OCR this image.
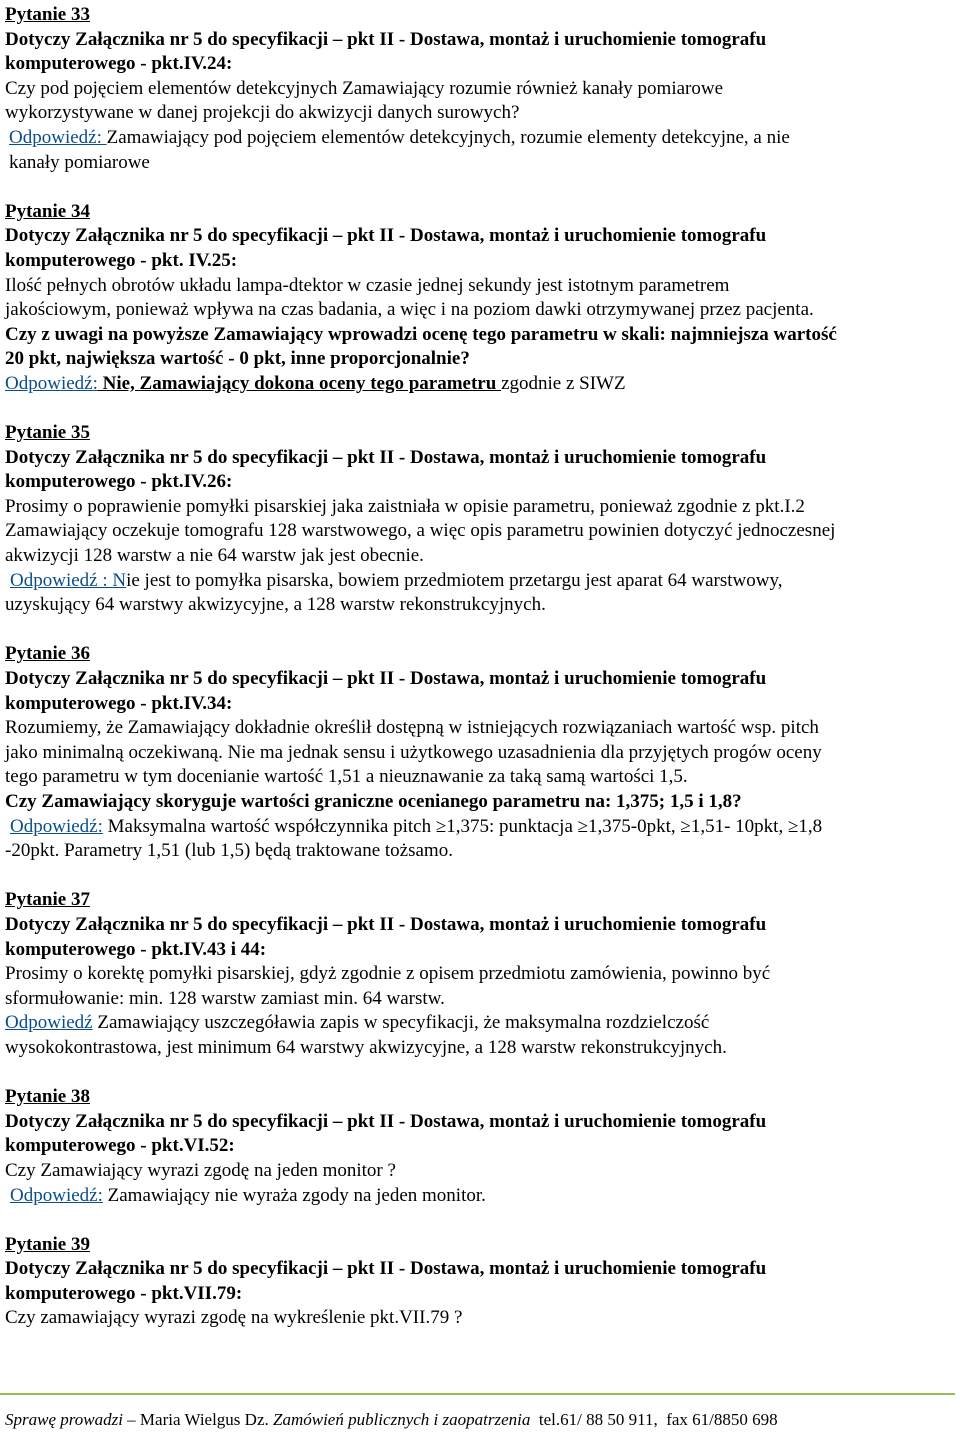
Pytanie 33
Dotyczy Załącznika nr 5 do specyfikacji – pkt II - Dostawa, montaż i uruchomienie tomografu
komputerowego - pkt.IV.24:
Czy pod pojęciem elementów detekcyjnych Zamawiający rozumie również kanały pomiarowe
wykorzystywane w danej projekcji do akwizycji danych surowych?
Odpowiedź: Zamawiający pod pojęciem elementów detekcyjnych, rozumie elementy detekcyjne, a nie
kanały pomiarowe
Pytanie 34
Dotyczy Załącznika nr 5 do specyfikacji – pkt II - Dostawa, montaż i uruchomienie tomografu
komputerowego - pkt. IV.25:
Ilość pełnych obrotów układu lampa-dtektor w czasie jednej sekundy jest istotnym parametrem
jakościowym, ponieważ wpływa na czas badania, a więc i na poziom dawki otrzymywanej przez pacjenta.
Czy z uwagi na powyższe Zamawiający wprowadzi ocenę tego parametru w skali: najmniejsza wartość
20 pkt, największa wartość - 0 pkt, inne proporcjonalnie?
Odpowiedź: Nie, Zamawiający dokona oceny tego parametru zgodnie z SIWZ
Pytanie 35
Dotyczy Załącznika nr 5 do specyfikacji – pkt II - Dostawa, montaż i uruchomienie tomografu
komputerowego - pkt.IV.26:
Prosimy o poprawienie pomyłki pisarskiej jaka zaistniała w opisie parametru, ponieważ zgodnie z pkt.I.2
Zamawiający oczekuje tomografu 128 warstwowego, a więc opis parametru powinien dotyczyć jednoczesnej
akwizycji 128 warstw a nie 64 warstw jak jest obecnie.
Odpowiedź : Nie jest to pomyłka pisarska, bowiem przedmiotem przetargu jest aparat 64 warstwowy,
uzyskujący 64 warstwy akwizycyjne, a 128 warstw rekonstrukcyjnych.
Pytanie 36
Dotyczy Załącznika nr 5 do specyfikacji – pkt II - Dostawa, montaż i uruchomienie tomografu
komputerowego - pkt.IV.34:
Rozumiemy, że Zamawiający dokładnie określił dostępną w istniejących rozwiązaniach wartość wsp. pitch
jako minimalną oczekiwaną. Nie ma jednak sensu i użytkowego uzasadnienia dla przyjętych progów oceny
tego parametru w tym docenianie wartość 1,51 a nieuznawanie za taką samą wartości 1,5.
Czy Zamawiający skoryguje wartości graniczne ocenianego parametru na: 1,375; 1,5 i 1,8?
Odpowiedź: Maksymalna wartość współczynnika pitch ≥1,375: punktacja ≥1,375-0pkt, ≥1,51- 10pkt, ≥1,8
-20pkt. Parametry 1,51 (lub 1,5) będą traktowane tożsamo.
Pytanie 37
Dotyczy Załącznika nr 5 do specyfikacji – pkt II - Dostawa, montaż i uruchomienie tomografu
komputerowego - pkt.IV.43 i 44:
Prosimy o korektę pomyłki pisarskiej, gdyż zgodnie z opisem przedmiotu zamówienia, powinno być
sformułowanie: min. 128 warstw zamiast min. 64 warstw.
Odpowiedź Zamawiający uszczegóławia zapis w specyfikacji, że maksymalna rozdzielczość
wysokokontrastowa, jest minimum 64 warstwy akwizycyjne, a 128 warstw rekonstrukcyjnych.
Pytanie 38
Dotyczy Załącznika nr 5 do specyfikacji – pkt II - Dostawa, montaż i uruchomienie tomografu
komputerowego - pkt.VI.52:
Czy Zamawiający wyrazi zgodę na jeden monitor ?
Odpowiedź: Zamawiający nie wyraża zgody na jeden monitor.
Pytanie 39
Dotyczy Załącznika nr 5 do specyfikacji – pkt II - Dostawa, montaż i uruchomienie tomografu
komputerowego - pkt.VII.79:
Czy zamawiający wyrazi zgodę na wykreślenie pkt.VII.79 ?
Sprawę prowadzi – Maria Wielgus Dz. Zamówień publicznych i zaopatrzenia  tel.61/ 88 50 911,  fax 61/8850 698
